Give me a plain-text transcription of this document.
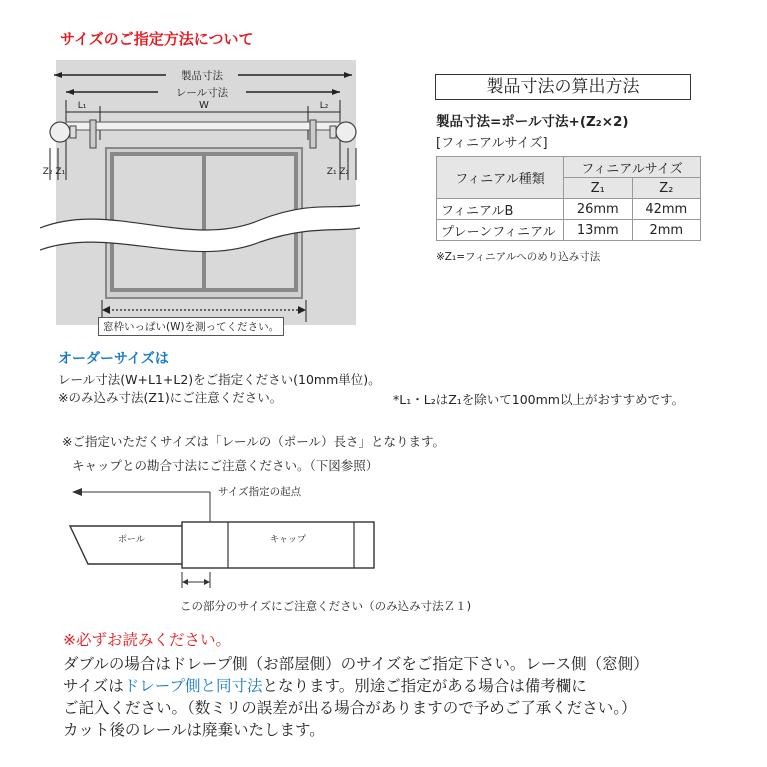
サイズのご指定方法について
製品寸法
レール寸法
L₁	W	L₂
Z₂ Z₁	Z₁ Z₂
窓枠いっぱい(W)を測ってください。
製品寸法の算出方法
製品寸法=ポール寸法+(Z₂×2)
[フィニアルサイズ]
フィニアル種類	フィニアルサイズ	
	Z₁	Z₂
フィニアルB	26mm	42mm
プレーンフィニアル	13mm	2mm
※Z₁=フィニアルへのめり込み寸法
オーダーサイズは
レール寸法(W+L1+L2)をご指定ください(10mm単位)。
※のみ込み寸法(Z1)にご注意ください。	*L₁・L₂はZ₁を除いて100mm以上がおすすめです。
※ご指定いただくサイズは「レールの（ポール）長さ」となります。
キャップとの勘合寸法にご注意ください。（下図参照）
サイズ指定の起点
ポール	キャップ
この部分のサイズにご注意ください（のみ込み寸法Ｚ１)
※必ずお読みください。
ダブルの場合はドレープ側（お部屋側）のサイズをご指定下さい。レース側（窓側）
サイズはドレープ側と同寸法となります。別途ご指定がある場合は備考欄に
ご記入ください。（数ミリの誤差が出る場合がありますので予めご了承ください。）
カット後のレールは廃棄いたします。
